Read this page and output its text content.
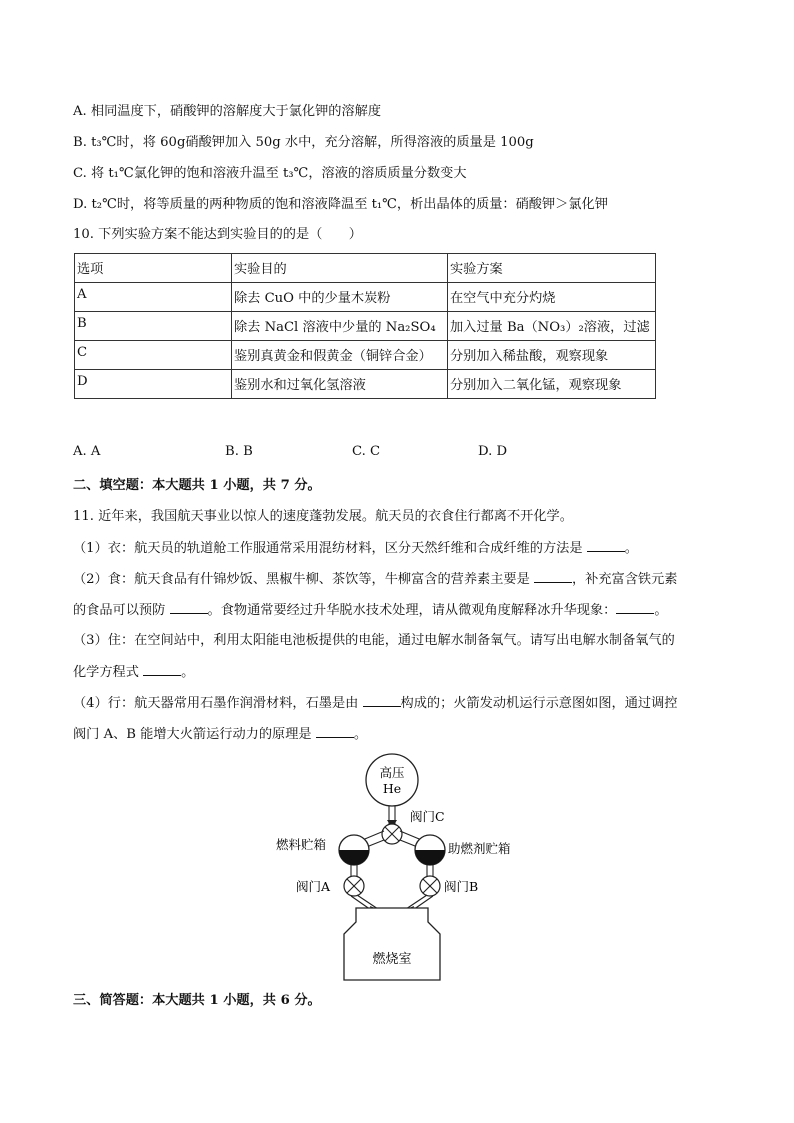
A. 相同温度下，硝酸钾的溶解度大于氯化钾的溶解度
B. t₃℃时，将 60g硝酸钾加入 50g 水中，充分溶解，所得溶液的质量是 100g
C. 将 t₁℃氯化钾的饱和溶液升温至 t₃℃，溶液的溶质质量分数变大
D. t₂℃时，将等质量的两种物质的饱和溶液降温至 t₁℃，析出晶体的质量：硝酸钾＞氯化钾
10. 下列实验方案不能达到实验目的的是（　　）
选项	实验目的	实验方案
A	除去 CuO 中的少量木炭粉	在空气中充分灼烧
B	除去 NaCl 溶液中少量的 Na₂SO₄	加入过量 Ba（NO₃）₂溶液，过滤
C	鉴别真黄金和假黄金（铜锌合金）	分别加入稀盐酸，观察现象
D	鉴别水和过氧化氢溶液	分别加入二氧化锰，观察现象
A. A	B. B	C. C	D. D
二、填空题：本大题共 1 小题，共 7 分。
11. 近年来，我国航天事业以惊人的速度蓬勃发展。航天员的衣食住行都离不开化学。
（1）衣：航天员的轨道舱工作服通常采用混纺材料，区分天然纤维和合成纤维的方法是	。
（2）食：航天食品有什锦炒饭、黑椒牛柳、茶饮等，牛柳富含的营养素主要是	，补充富含铁元素
的食品可以预防	。食物通常要经过升华脱水技术处理，请从微观角度解释冰升华现象：	。
（3）住：在空间站中，利用太阳能电池板提供的电能，通过电解水制备氧气。请写出电解水制备氧气的
化学方程式	。
（4）行：航天器常用石墨作润滑材料，石墨是由	构成的；火箭发动机运行示意图如图，通过调控
阀门 A、B 能增大火箭运行动力的原理是	。
高压
He
阀门C
燃料贮箱	助燃剂贮箱
阀门A	阀门B
燃烧室
三、简答题：本大题共 1 小题，共 6 分。
